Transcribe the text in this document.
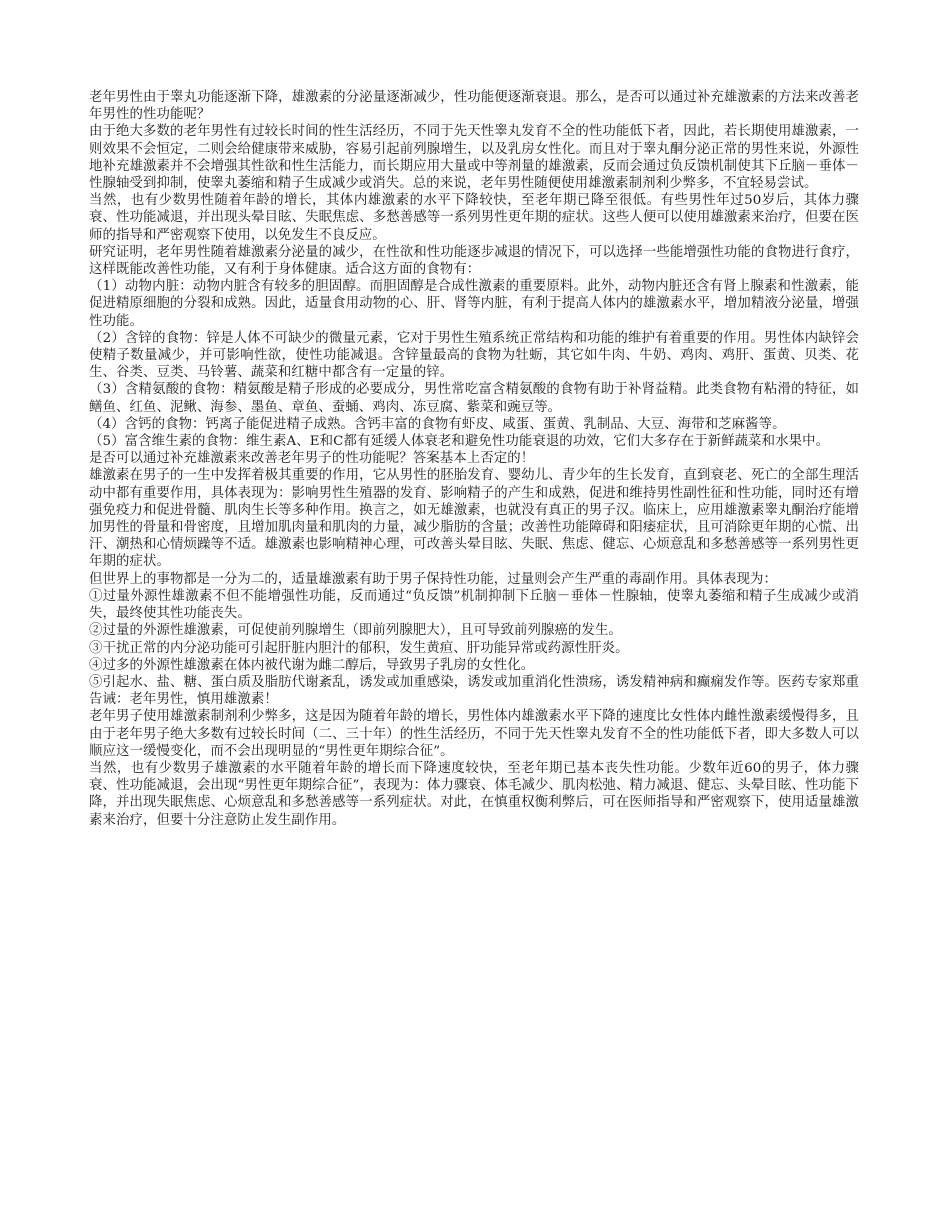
老年男性由于睾丸功能逐渐下降，雄激素的分泌量逐渐减少，性功能便逐渐衰退。那么，是否可以通过补充雄激素的方法来改善老年男性的性功能呢？

由于绝大多数的老年男性有过较长时间的性生活经历，不同于先天性睾丸发育不全的性功能低下者，因此，若长期使用雄激素，一则效果不会恒定，二则会给健康带来威胁，容易引起前列腺增生，以及乳房女性化。而且对于睾丸酮分泌正常的男性来说，外源性地补充雄激素并不会增强其性欲和性生活能力，而长期应用大量或中等剂量的雄激素，反而会通过负反馈机制使其下丘脑－垂体－性腺轴受到抑制，使睾丸萎缩和精子生成减少或消失。总的来说，老年男性随便使用雄激素制剂利少弊多，不宜轻易尝试。

当然，也有少数男性随着年龄的增长，其体内雄激素的水平下降较快，至老年期已降至很低。有些男性年过50岁后，其体力骤衰、性功能减退，并出现头晕目眩、失眠焦虑、多愁善感等一系列男性更年期的症状。这些人便可以使用雄激素来治疗，但要在医师的指导和严密观察下使用，以免发生不良反应。

研究证明，老年男性随着雄激素分泌量的减少，在性欲和性功能逐步减退的情况下，可以选择一些能增强性功能的食物进行食疗，这样既能改善性功能，又有利于身体健康。适合这方面的食物有：

（1）动物内脏：动物内脏含有较多的胆固醇。而胆固醇是合成性激素的重要原料。此外，动物内脏还含有肾上腺素和性激素，能促进精原细胞的分裂和成熟。因此，适量食用动物的心、肝、肾等内脏，有利于提高人体内的雄激素水平，增加精液分泌量，增强性功能。

（2）含锌的食物：锌是人体不可缺少的微量元素，它对于男性生殖系统正常结构和功能的维护有着重要的作用。男性体内缺锌会使精子数量减少，并可影响性欲，使性功能减退。含锌量最高的食物为牡蛎，其它如牛肉、牛奶、鸡肉、鸡肝、蛋黄、贝类、花生、谷类、豆类、马铃薯、蔬菜和红糖中都含有一定量的锌。

（3）含精氨酸的食物：精氨酸是精子形成的必要成分，男性常吃富含精氨酸的食物有助于补肾益精。此类食物有粘滑的特征，如鳝鱼、红鱼、泥鳅、海参、墨鱼、章鱼、蚕蛹、鸡肉、冻豆腐、紫菜和豌豆等。

（4）含钙的食物：钙离子能促进精子成熟。含钙丰富的食物有虾皮、咸蛋、蛋黄、乳制品、大豆、海带和芝麻酱等。

（5）富含维生素的食物：维生素A、E和C都有延缓人体衰老和避免性功能衰退的功效，它们大多存在于新鲜蔬菜和水果中。

是否可以通过补充雄激素来改善老年男子的性功能呢？答案基本上否定的！

雄激素在男子的一生中发挥着极其重要的作用，它从男性的胚胎发育、婴幼儿、青少年的生长发育，直到衰老、死亡的全部生理活动中都有重要作用，具体表现为：影响男性生殖器的发育、影响精子的产生和成熟，促进和维持男性副性征和性功能，同时还有增强免疫力和促进骨髓、肌肉生长等多种作用。换言之，如无雄激素，也就没有真正的男子汉。临床上，应用雄激素睾丸酮治疗能增加男性的骨量和骨密度，且增加肌肉量和肌肉的力量，减少脂肪的含量；改善性功能障碍和阳痿症状，且可消除更年期的心慌、出汗、潮热和心情烦躁等不适。雄激素也影响精神心理，可改善头晕目眩、失眠、焦虑、健忘、心烦意乱和多愁善感等一系列男性更年期的症状。

但世界上的事物都是一分为二的，适量雄激素有助于男子保持性功能，过量则会产生严重的毒副作用。具体表现为：

①过量外源性雄激素不但不能增强性功能，反而通过“负反馈”机制抑制下丘脑－垂体－性腺轴，使睾丸萎缩和精子生成减少或消失，最终使其性功能丧失。

②过量的外源性雄激素，可促使前列腺增生（即前列腺肥大），且可导致前列腺癌的发生。

③干扰正常的内分泌功能可引起肝脏内胆汁的郁积，发生黄疸、肝功能异常或药源性肝炎。

④过多的外源性雄激素在体内被代谢为雌二醇后，导致男子乳房的女性化。

⑤引起水、盐、糖、蛋白质及脂肪代谢紊乱，诱发或加重感染，诱发或加重消化性溃疡，诱发精神病和癫痫发作等。医药专家郑重告诫：老年男性，慎用雄激素！

老年男子使用雄激素制剂利少弊多，这是因为随着年龄的增长，男性体内雄激素水平下降的速度比女性体内雌性激素缓慢得多，且由于老年男子绝大多数有过较长时间（二、三十年）的性生活经历，不同于先天性睾丸发育不全的性功能低下者，即大多数人可以顺应这一缓慢变化，而不会出现明显的“男性更年期综合征”。

当然，也有少数男子雄激素的水平随着年龄的增长而下降速度较快，至老年期已基本丧失性功能。少数年近60的男子，体力骤衰、性功能减退，会出现“男性更年期综合征”，表现为：体力骤衰、体毛减少、肌肉松弛、精力减退、健忘、头晕目眩、性功能下降，并出现失眠焦虑、心烦意乱和多愁善感等一系列症状。对此，在慎重权衡利弊后，可在医师指导和严密观察下，使用适量雄激素来治疗，但要十分注意防止发生副作用。
